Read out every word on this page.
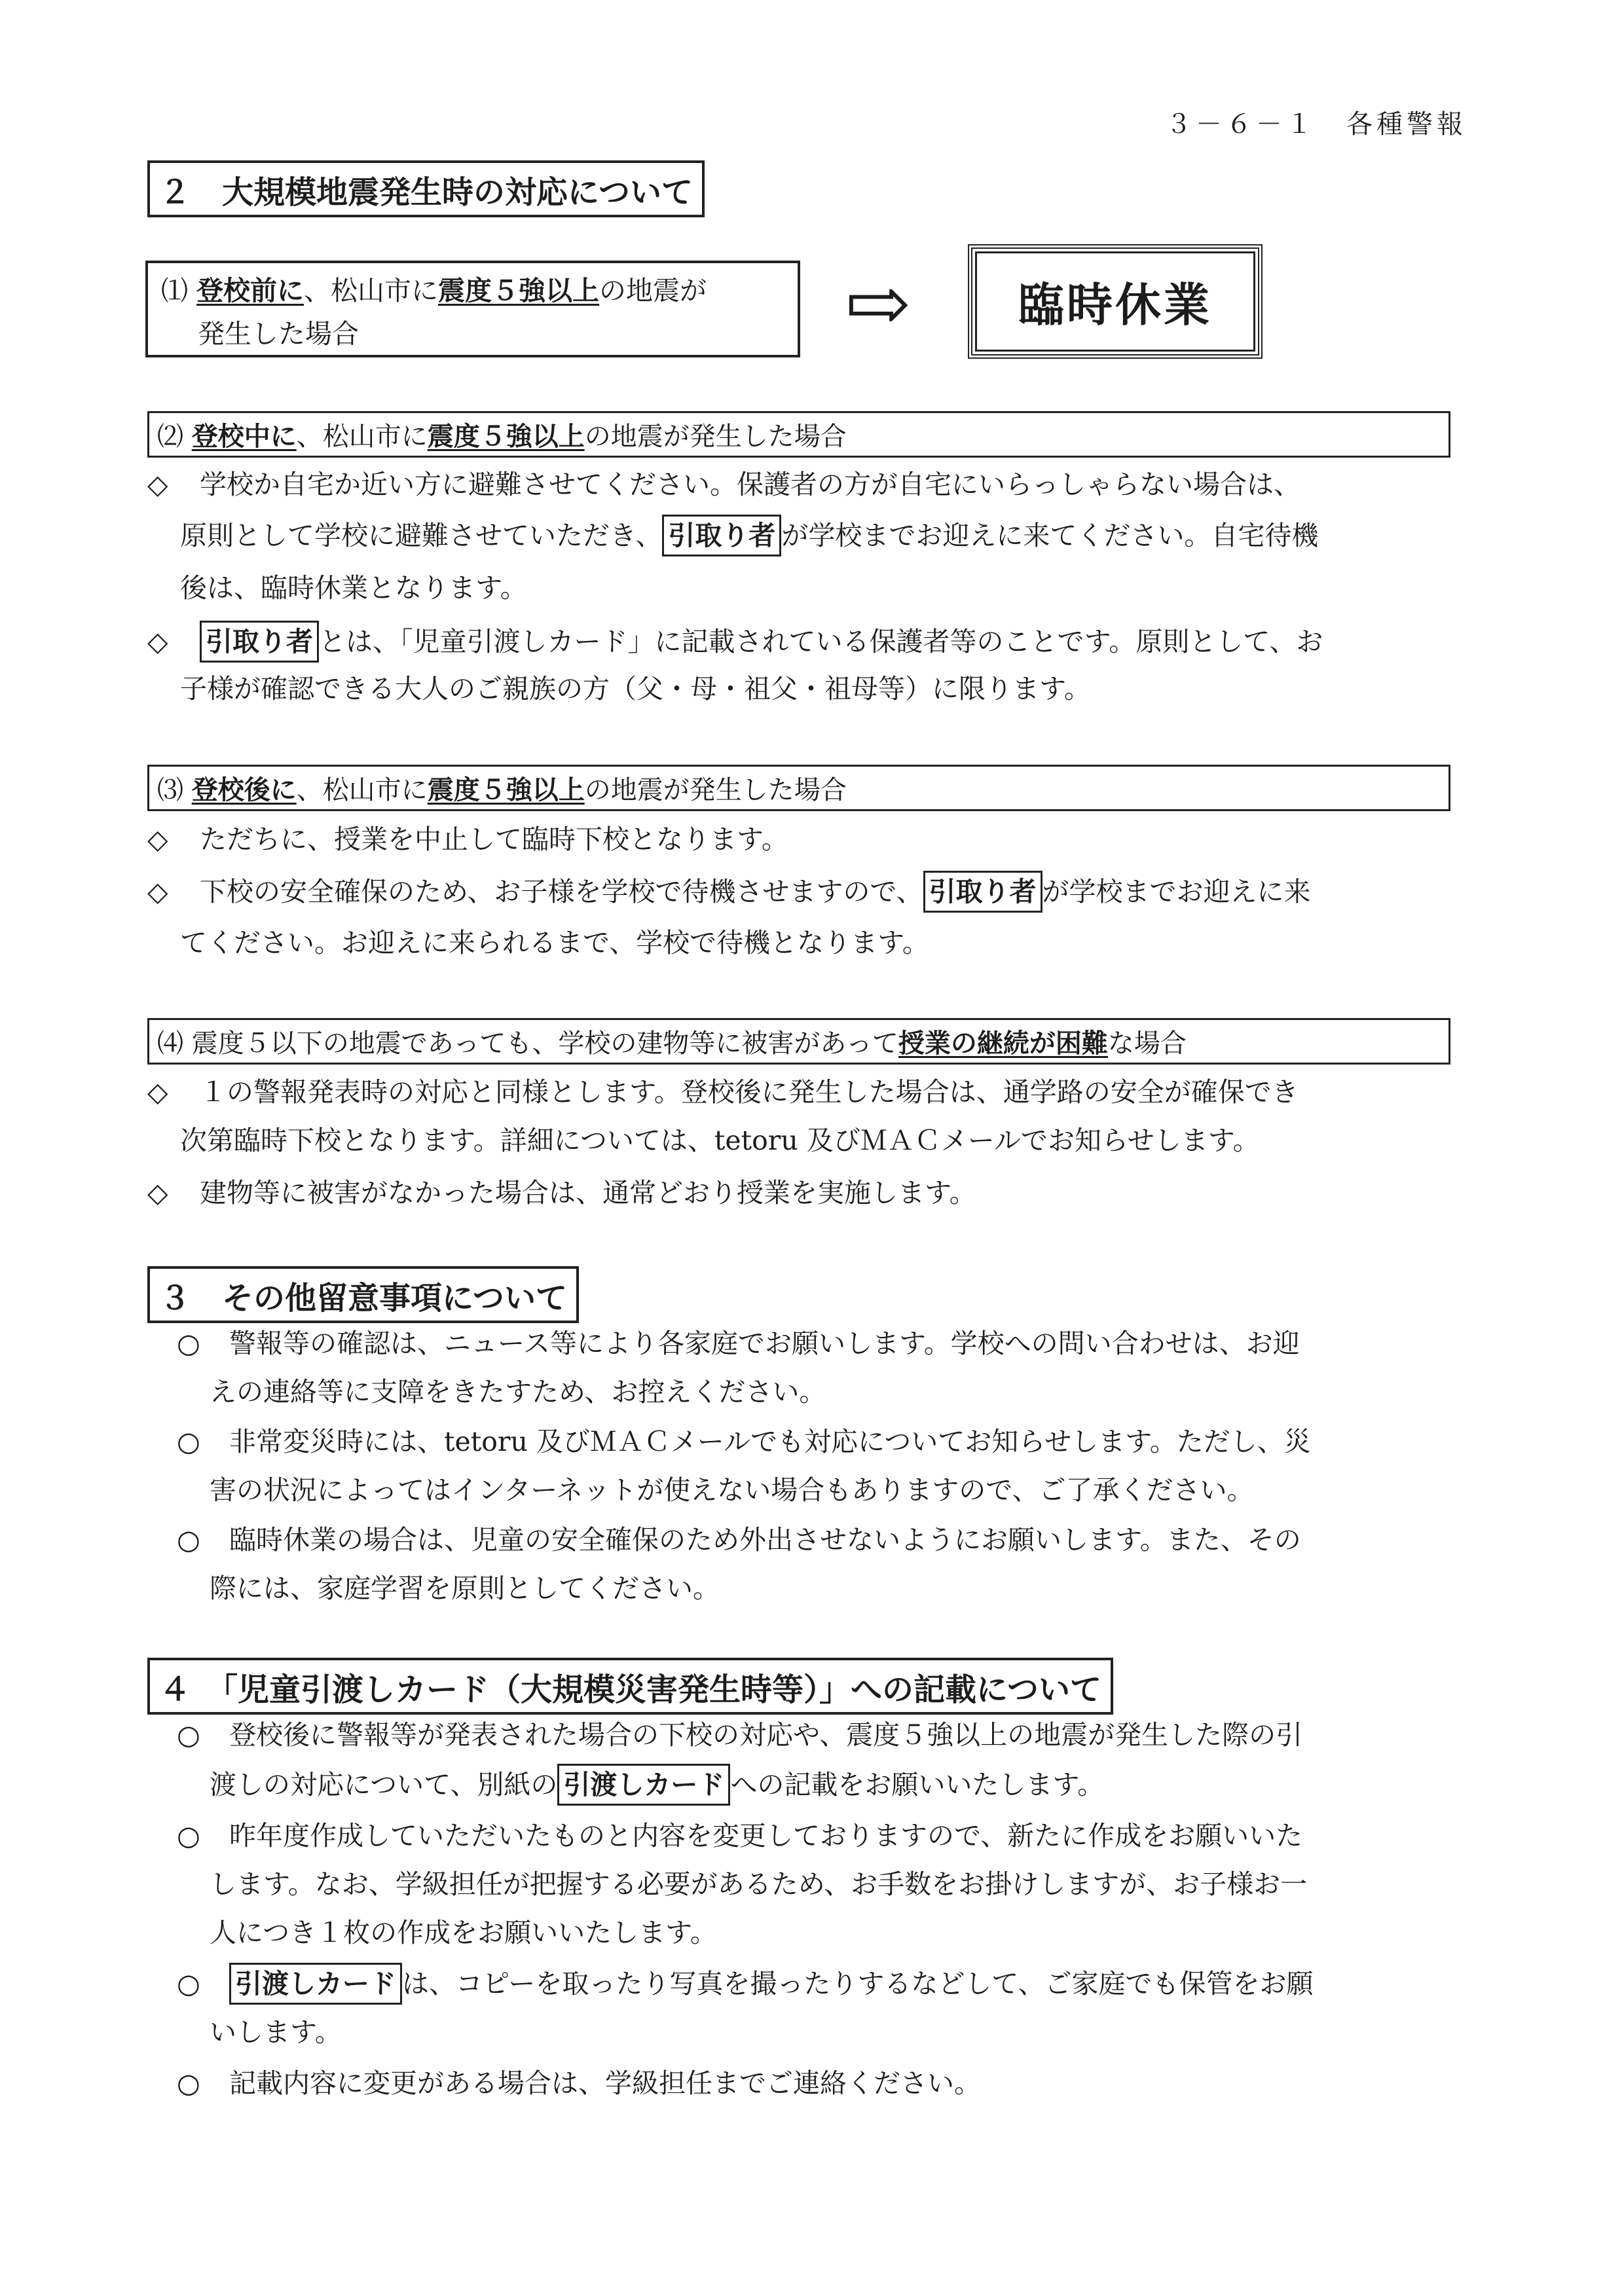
３－６－１　各種警報
２　大規模地震発生時の対応について
⑴ 登校前に、松山市に震度５強以上の地震が
発生した場合	⇨	臨時休業
⑵ 登校中に、松山市に震度５強以上の地震が発生した場合
◇ 学校か自宅か近い方に避難させてください。保護者の方が自宅にいらっしゃらない場合は、
原則として学校に避難させていただき、 引取り者 が学校までお迎えに来てください。自宅待機
後は、臨時休業となります。
◇ 引取り者 とは、「児童引渡しカード」に記載されている保護者等のことです。原則として、お
子様が確認できる大人のご親族の方（父・母・祖父・祖母等）に限ります。
⑶ 登校後に、松山市に震度５強以上の地震が発生した場合
◇ ただちに、授業を中止して臨時下校となります。
◇ 下校の安全確保のため、お子様を学校で待機させますので、 引取り者 が学校までお迎えに来
てください。お迎えに来られるまで、学校で待機となります。
⑷ 震度５以下の地震であっても、学校の建物等に被害があって授業の継続が困難な場合
◇ １の警報発表時の対応と同様とします。登校後に発生した場合は、通学路の安全が確保でき
次第臨時下校となります。詳細については、tetoru 及びＭＡＣメールでお知らせします。
◇ 建物等に被害がなかった場合は、通常どおり授業を実施します。
３　その他留意事項について
○ 警報等の確認は、ニュース等により各家庭でお願いします。学校への問い合わせは、お迎
えの連絡等に支障をきたすため、お控えください。
○ 非常変災時には、tetoru 及びＭＡＣメールでも対応についてお知らせします。ただし、災
害の状況によってはインターネットが使えない場合もありますので、ご了承ください。
○ 臨時休業の場合は、児童の安全確保のため外出させないようにお願いします。また、その
際には、家庭学習を原則としてください。
４　「児童引渡しカード（大規模災害発生時等）」への記載について
○ 登校後に警報等が発表された場合の下校の対応や、震度５強以上の地震が発生した際の引
渡しの対応について、別紙の 引渡しカード への記載をお願いいたします。
○ 昨年度作成していただいたものと内容を変更しておりますので、新たに作成をお願いいた
します。なお、学級担任が把握する必要があるため、お手数をお掛けしますが、お子様お一
人につき１枚の作成をお願いいたします。
○ 引渡しカード は、コピーを取ったり写真を撮ったりするなどして、ご家庭でも保管をお願
いします。
○ 記載内容に変更がある場合は、学級担任までご連絡ください。
